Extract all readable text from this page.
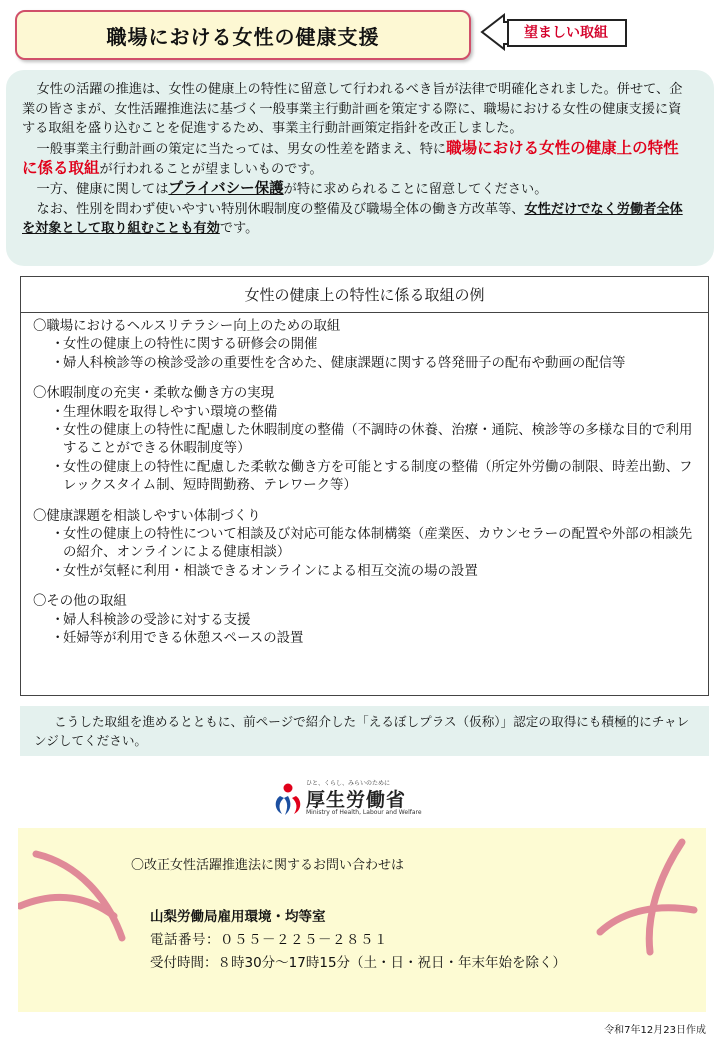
職場における女性の健康支援	望ましい取組

女性の活躍の推進は、女性の健康上の特性に留意して行われるべき旨が法律で明確化されました。併せて、企業の皆さまが、女性活躍推進法に基づく一般事業主行動計画を策定する際に、職場における女性の健康支援に資する取組を盛り込むことを促進するため、事業主行動計画策定指針を改正しました。

一般事業主行動計画の策定に当たっては、男女の性差を踏まえ、特に職場における女性の健康上の特性に係る取組が行われることが望ましいものです。

一方、健康に関してはプライバシー保護が特に求められることに留意してください。

なお、性別を問わず使いやすい特別休暇制度の整備及び職場全体の働き方改革等、女性だけでなく労働者全体を対象として取り組むことも有効です。

女性の健康上の特性に係る取組の例
〇職場におけるヘルスリテラシー向上のための取組
・女性の健康上の特性に関する研修会の開催
・婦人科検診等の検診受診の重要性を含めた、健康課題に関する啓発冊子の配布や動画の配信等
〇休暇制度の充実・柔軟な働き方の実現
・生理休暇を取得しやすい環境の整備
・女性の健康上の特性に配慮した休暇制度の整備（不調時の休養、治療・通院、検診等の多様な目的で利用することができる休暇制度等）
・女性の健康上の特性に配慮した柔軟な働き方を可能とする制度の整備（所定外労働の制限、時差出勤、フレックスタイム制、短時間勤務、テレワーク等）
〇健康課題を相談しやすい体制づくり
・女性の健康上の特性について相談及び対応可能な体制構築（産業医、カウンセラーの配置や外部の相談先の紹介、オンラインによる健康相談）
・女性が気軽に利用・相談できるオンラインによる相互交流の場の設置
〇その他の取組
・婦人科検診の受診に対する支援
・妊婦等が利用できる休憩スペースの設置

こうした取組を進めるとともに、前ページで紹介した「えるぼしプラス（仮称）」認定の取得にも積極的にチャレンジしてください。

ひと、くらし、みらいのために
厚生労働省
Ministry of Health, Labour and Welfare
〇改正女性活躍推進法に関するお問い合わせは
山梨労働局雇用環境・均等室
電話番号：０５５－２２５－２８５１
受付時間：８時30分～17時15分（土・日・祝日・年末年始を除く）
令和7年12月23日作成
